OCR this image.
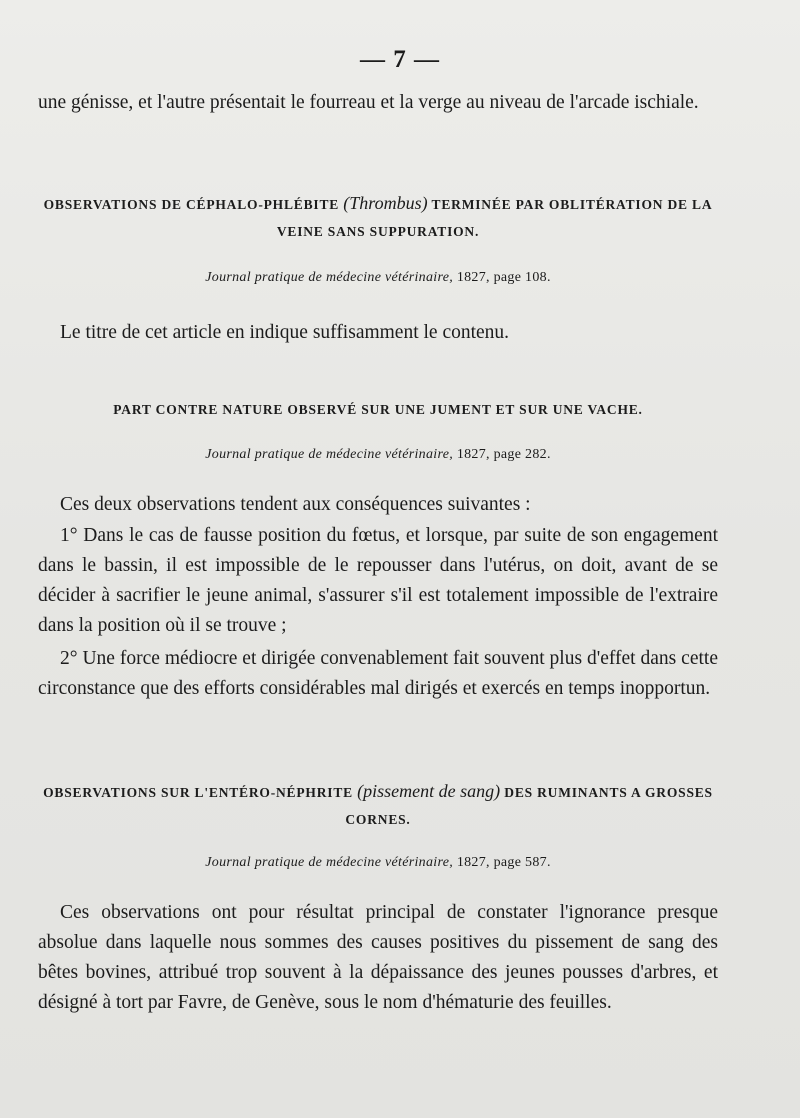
— 7 —
une génisse, et l'autre présentait le fourreau et la verge au niveau de l'arcade ischiale.
OBSERVATIONS DE CÉPHALO-PHLÉBITE (Thrombus) TERMINÉE PAR OBLITÉRATION DE LA VEINE SANS SUPPURATION.
Journal pratique de médecine vétérinaire, 1827, page 108.
Le titre de cet article en indique suffisamment le contenu.
PART CONTRE NATURE OBSERVÉ SUR UNE JUMENT ET SUR UNE VACHE.
Journal pratique de médecine vétérinaire, 1827, page 282.
Ces deux observations tendent aux conséquences suivantes :
1° Dans le cas de fausse position du fœtus, et lorsque, par suite de son engagement dans le bassin, il est impossible de le repousser dans l'utérus, on doit, avant de se décider à sacrifier le jeune animal, s'assurer s'il est totalement impossible de l'extraire dans la position où il se trouve ;
2° Une force médiocre et dirigée convenablement fait souvent plus d'effet dans cette circonstance que des efforts considérables mal dirigés et exercés en temps inopportun.
OBSERVATIONS SUR L'ENTÉRO-NÉPHRITE (pissement de sang) DES RUMINANTS A GROSSES CORNES.
Journal pratique de médecine vétérinaire, 1827, page 587.
Ces observations ont pour résultat principal de constater l'ignorance presque absolue dans laquelle nous sommes des causes positives du pissement de sang des bêtes bovines, attribué trop souvent à la dépaissance des jeunes pousses d'arbres, et désigné à tort par Favre, de Genève, sous le nom d'hématurie des feuilles.
